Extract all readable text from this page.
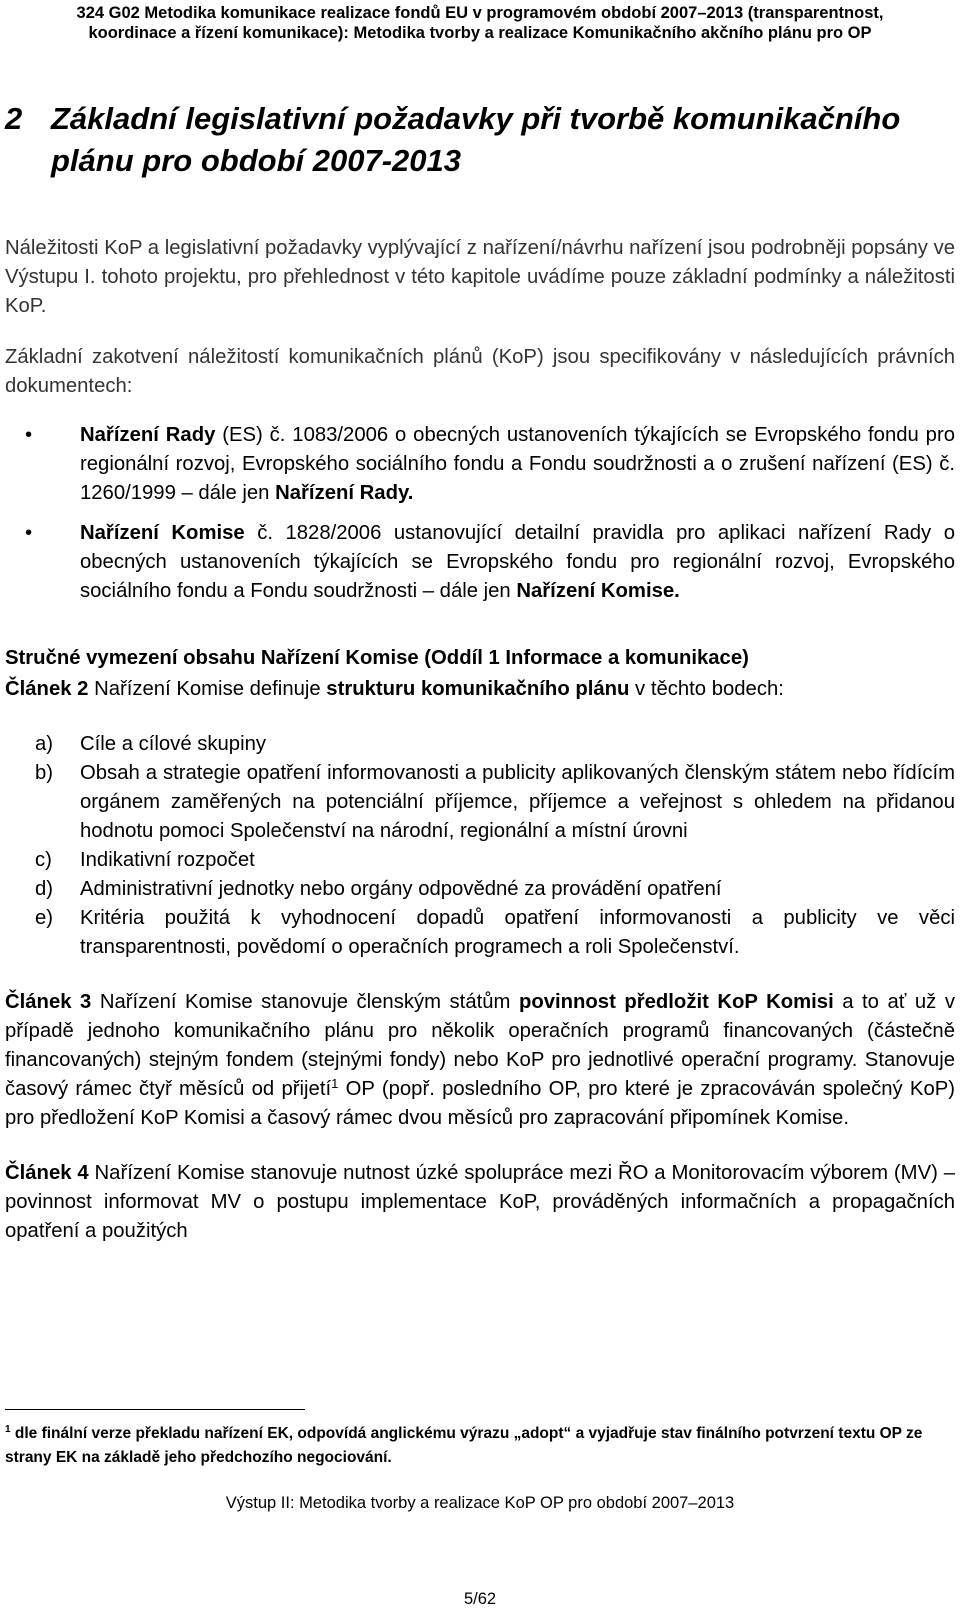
324 G02 Metodika komunikace realizace fondů EU v programovém období 2007–2013 (transparentnost,
koordinace a řízení komunikace): Metodika tvorby a realizace Komunikačního akčního plánu pro OP
2 Základní legislativní požadavky při tvorbě komunikačního plánu pro období 2007-2013

Náležitosti KoP a legislativní požadavky vyplývající z nařízení/návrhu nařízení jsou podrobněji popsány ve Výstupu I. tohoto projektu, pro přehlednost v této kapitole uvádíme pouze základní podmínky a náležitosti KoP.

Základní zakotvení náležitostí komunikačních plánů (KoP) jsou specifikovány v následujících právních dokumentech:

• Nařízení Rady (ES) č. 1083/2006 o obecných ustanoveních týkajících se Evropského fondu pro regionální rozvoj, Evropského sociálního fondu a Fondu soudržnosti a o zrušení nařízení (ES) č. 1260/1999 – dále jen Nařízení Rady.
• Nařízení Komise č. 1828/2006 ustanovující detailní pravidla pro aplikaci nařízení Rady o obecných ustanoveních týkajících se Evropského fondu pro regionální rozvoj, Evropského sociálního fondu a Fondu soudržnosti – dále jen Nařízení Komise.

Stručné vymezení obsahu Nařízení Komise (Oddíl 1 Informace a komunikace)

Článek 2 Nařízení Komise definuje strukturu komunikačního plánu v těchto bodech:

a) Cíle a cílové skupiny
b) Obsah a strategie opatření informovanosti a publicity aplikovaných členským státem nebo řídícím orgánem zaměřených na potenciální příjemce, příjemce a veřejnost s ohledem na přidanou hodnotu pomoci Společenství na národní, regionální a místní úrovni
c) Indikativní rozpočet
d) Administrativní jednotky nebo orgány odpovědné za provádění opatření
e) Kritéria použitá k vyhodnocení dopadů opatření informovanosti a publicity ve věci transparentnosti, povědomí o operačních programech a roli Společenství.

Článek 3 Nařízení Komise stanovuje členským státům povinnost předložit KoP Komisi a to ať už v případě jednoho komunikačního plánu pro několik operačních programů financovaných (částečně financovaných) stejným fondem (stejnými fondy) nebo KoP pro jednotlivé operační programy. Stanovuje časový rámec čtyř měsíců od přijetí$^1$ OP (popř. posledního OP, pro které je zpracováván společný KoP) pro předložení KoP Komisi a časový rámec dvou měsíců pro zapracování připomínek Komise.

Článek 4 Nařízení Komise stanovuje nutnost úzké spolupráce mezi ŘO a Monitorovacím výborem (MV) – povinnost informovat MV o postupu implementace KoP, prováděných informačních a propagačních opatření a použitých

$^1$ dle finální verze překladu nařízení EK, odpovídá anglickému výrazu „adopt“ a vyjadřuje stav finálního potvrzení textu OP ze strany EK na základě jeho předchozího negociování.
Výstup II: Metodika tvorby a realizace KoP OP pro období 2007–2013
5/62
